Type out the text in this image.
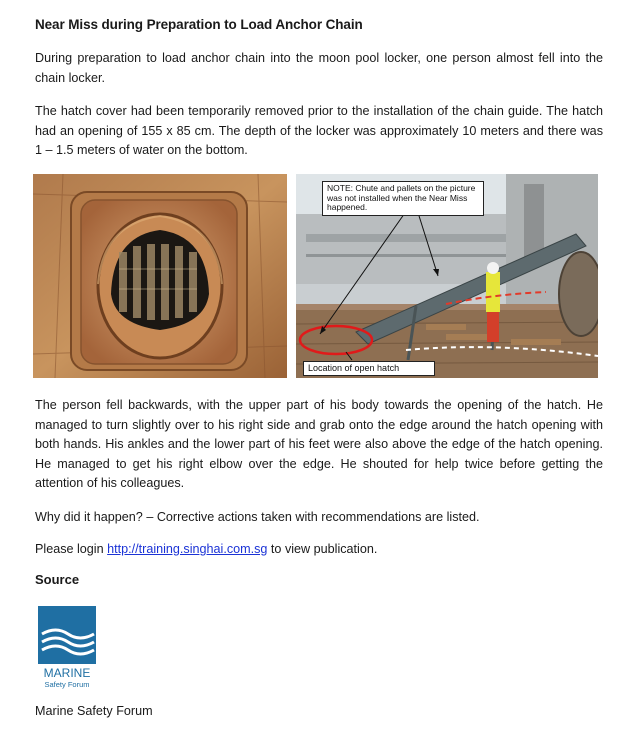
Near Miss during Preparation to Load Anchor Chain

During preparation to load anchor chain into the moon pool locker, one person almost fell into the chain locker.

The hatch cover had been temporarily removed prior to the installation of the chain guide. The hatch had an opening of 155 x 85 cm. The depth of the locker was approximately 10 meters and there was 1 – 1.5 meters of water on the bottom.

The person fell backwards, with the upper part of his body towards the opening of the hatch. He managed to turn slightly over to his right side and grab onto the edge around the hatch opening with both hands. His ankles and the lower part of his feet were also above the edge of the hatch opening. He managed to get his right elbow over the edge. He shouted for help twice before getting the attention of his colleagues.

Why did it happen? – Corrective actions taken with recommendations are listed.

Please login http://training.singhai.com.sg to view publication.

Source
NOTE: Chute and pallets on the picture was not installed when the Near Miss happened.
Location of open hatch
MARINE
Safety Forum
Marine Safety Forum
